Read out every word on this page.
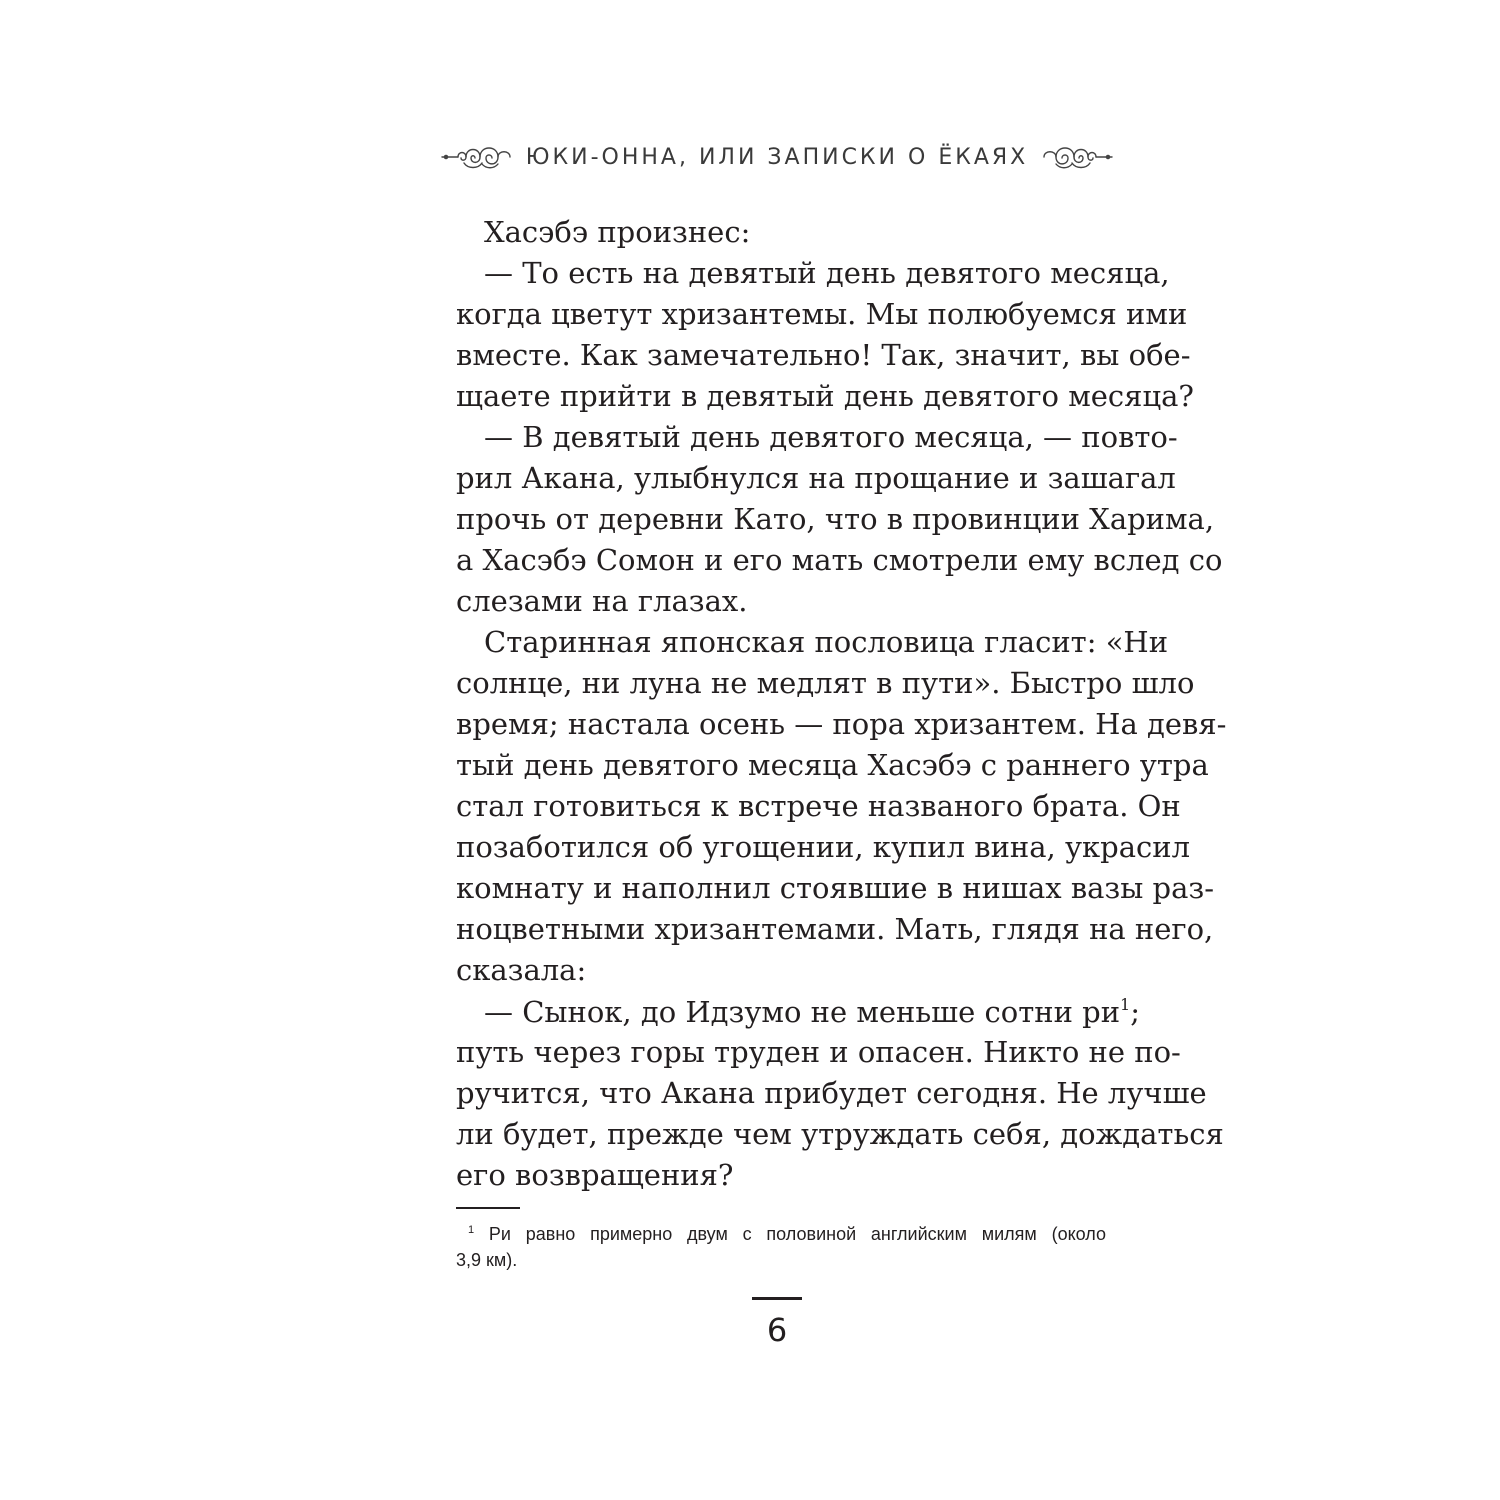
ЮКИ-ОННА, ИЛИ ЗАПИСКИ О ЁКАЯХ
Хасэбэ произнес:
— То есть на девятый день девятого месяца,
когда цветут хризантемы. Мы полюбуемся ими
вместе. Как замечательно! Так, значит, вы обе-
щаете прийти в девятый день девятого месяца?
— В девятый день девятого месяца, — повто-
рил Акана, улыбнулся на прощание и зашагал
прочь от деревни Като, что в провинции Харима,
а Хасэбэ Сомон и его мать смотрели ему вслед со
слезами на глазах.
Старинная японская пословица гласит: «Ни
солнце, ни луна не медлят в пути». Быстро шло
время; настала осень — пора хризантем. На девя-
тый день девятого месяца Хасэбэ с раннего утра
стал готовиться к встрече названого брата. Он
позаботился об угощении, купил вина, украсил
комнату и наполнил стоявшие в нишах вазы раз-
ноцветными хризантемами. Мать, глядя на него,
сказала:
— Сынок, до Идзумо не меньше сотни $ри^1$;
путь через горы труден и опасен. Никто не по-
ручится, что Акана прибудет сегодня. Не лучше
ли будет, прежде чем утруждать себя, дождаться
его возвращения?
$^1$ Ри равно примерно двум с половиной английским милям (около
3,9 км).
6
